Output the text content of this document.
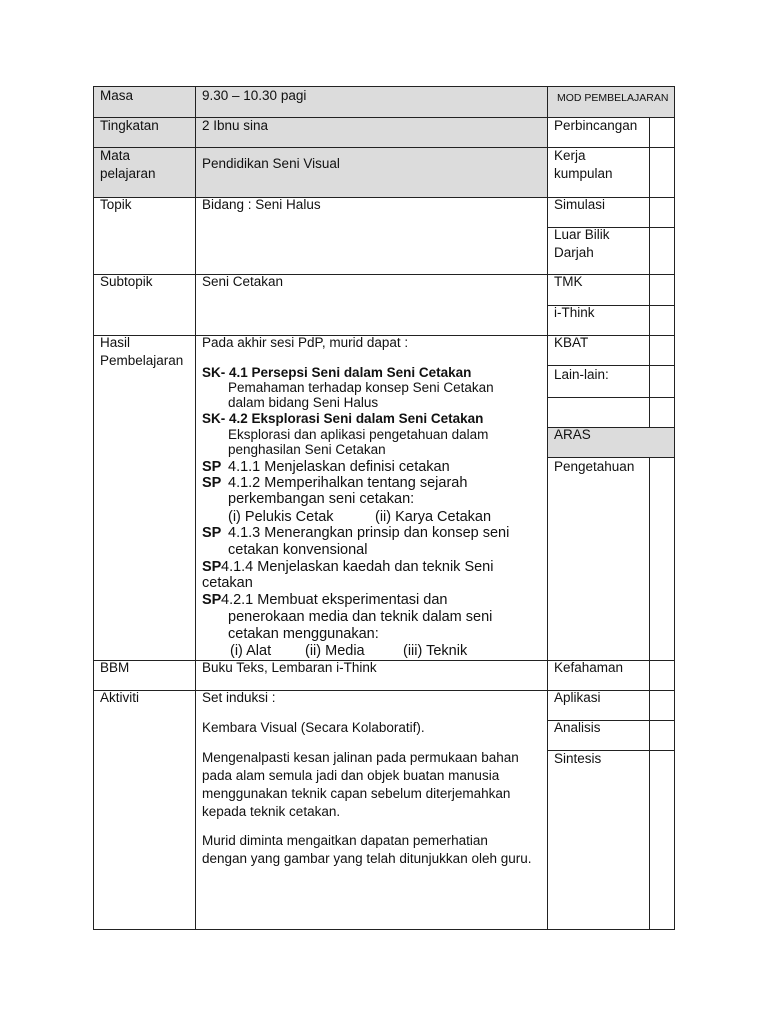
Masa
Tingkatan
Mata
pelajaran
Topik
Subtopik
Hasil
Pembelajaran
BBM
Aktiviti
9.30 – 10.30 pagi
2 Ibnu sina
Pendidikan Seni Visual
Bidang : Seni Halus
Seni Cetakan
Pada akhir sesi PdP, murid dapat :
SK- 4.1 Persepsi Seni dalam Seni Cetakan
Pemahaman terhadap konsep Seni Cetakan
dalam bidang Seni Halus
SK- 4.2 Eksplorasi Seni dalam Seni Cetakan
Eksplorasi dan aplikasi pengetahuan dalam
penghasilan Seni Cetakan
SP 4.1.1 Menjelaskan definisi cetakan
SP 4.1.2 Memperihalkan tentang sejarah
perkembangan seni cetakan:
(i) Pelukis Cetak	(ii) Karya Cetakan
SP 4.1.3 Menerangkan prinsip dan konsep seni
cetakan konvensional
SP 4.1.4 Menjelaskan kaedah dan teknik Seni
cetakan
SP 4.2.1 Membuat eksperimentasi dan
penerokaan media dan teknik dalam seni
cetakan menggunakan:
(i) Alat (ii) Media	(iii) Teknik
Buku Teks, Lembaran i-Think
Set induksi :
Kembara Visual (Secara Kolaboratif).
Mengenalpasti kesan jalinan pada permukaan bahan pada alam semula jadi dan objek buatan manusia menggunakan teknik capan sebelum diterjemahkan kepada teknik cetakan.
Murid diminta mengaitkan dapatan pemerhatian dengan yang gambar yang telah ditunjukkan oleh guru.
MOD PEMBELAJARAN
Perbincangan
Kerja
kumpulan
Simulasi
Luar Bilik
Darjah
TMK
i-Think
KBAT
Lain-lain:
ARAS
Pengetahuan
Kefahaman
Aplikasi
Analisis
Sintesis
